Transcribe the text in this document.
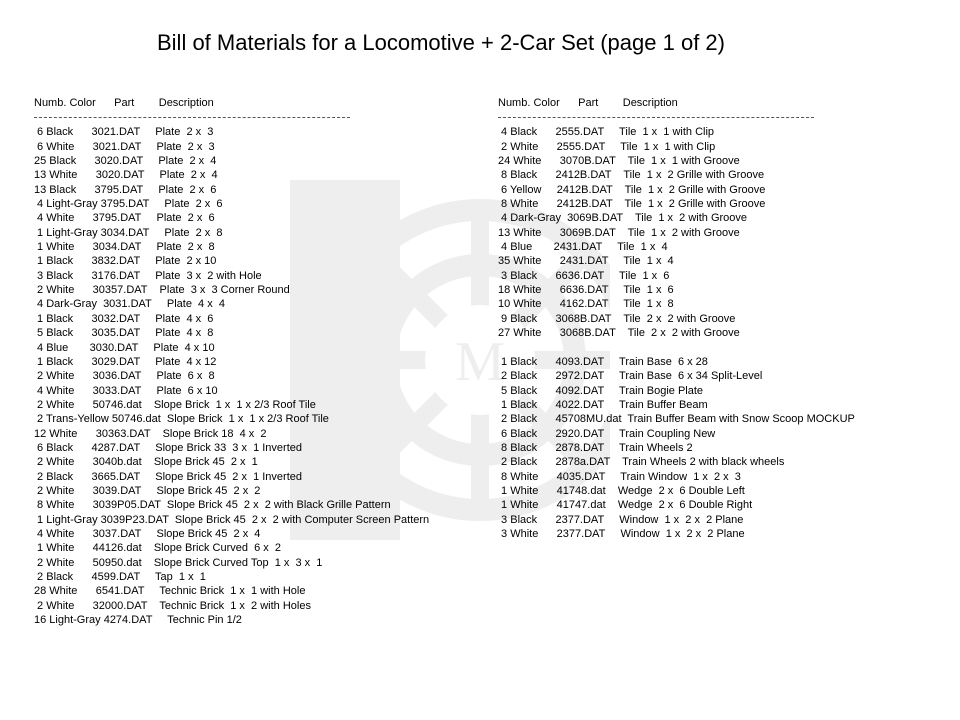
Bill of Materials for a Locomotive + 2-Car Set (page 1 of 2)
M
Numb. Color Part Description
6 Black      3021.DAT     Plate  2 x  3
6 White      3021.DAT     Plate  2 x  3
25 Black      3020.DAT     Plate  2 x  4
13 White      3020.DAT     Plate  2 x  4
13 Black      3795.DAT     Plate  2 x  6
4 Light-Gray 3795.DAT     Plate  2 x  6
4 White      3795.DAT     Plate  2 x  6
1 Light-Gray 3034.DAT     Plate  2 x  8
1 White      3034.DAT     Plate  2 x  8
1 Black      3832.DAT     Plate  2 x 10
3 Black      3176.DAT     Plate  3 x  2 with Hole
2 White      30357.DAT    Plate  3 x  3 Corner Round
4 Dark-Gray  3031.DAT     Plate  4 x  4
1 Black      3032.DAT     Plate  4 x  6
5 Black      3035.DAT     Plate  4 x  8
4 Blue       3030.DAT     Plate  4 x 10
1 Black      3029.DAT     Plate  4 x 12
2 White      3036.DAT     Plate  6 x  8
4 White      3033.DAT     Plate  6 x 10
2 White      50746.dat    Slope Brick  1 x  1 x 2/3 Roof Tile
2 Trans-Yellow 50746.dat  Slope Brick  1 x  1 x 2/3 Roof Tile
12 White      30363.DAT    Slope Brick 18  4 x  2
6 Black      4287.DAT     Slope Brick 33  3 x  1 Inverted
2 White      3040b.dat    Slope Brick 45  2 x  1
2 Black      3665.DAT     Slope Brick 45  2 x  1 Inverted
2 White      3039.DAT     Slope Brick 45  2 x  2
8 White      3039P05.DAT  Slope Brick 45  2 x  2 with Black Grille Pattern
1 Light-Gray 3039P23.DAT  Slope Brick 45  2 x  2 with Computer Screen Pattern
4 White      3037.DAT     Slope Brick 45  2 x  4
1 White      44126.dat    Slope Brick Curved  6 x  2
2 White      50950.dat    Slope Brick Curved Top  1 x  3 x  1
2 Black      4599.DAT     Tap  1 x  1
28 White      6541.DAT     Technic Brick  1 x  1 with Hole
2 White      32000.DAT    Technic Brick  1 x  2 with Holes
16 Light-Gray 4274.DAT     Technic Pin 1/2
Numb. Color Part Description
4 Black      2555.DAT     Tile  1 x  1 with Clip
2 White      2555.DAT     Tile  1 x  1 with Clip
24 White      3070B.DAT    Tile  1 x  1 with Groove
8 Black      2412B.DAT    Tile  1 x  2 Grille with Groove
6 Yellow     2412B.DAT    Tile  1 x  2 Grille with Groove
8 White      2412B.DAT    Tile  1 x  2 Grille with Groove
4 Dark-Gray  3069B.DAT    Tile  1 x  2 with Groove
13 White      3069B.DAT    Tile  1 x  2 with Groove
4 Blue       2431.DAT     Tile  1 x  4
35 White      2431.DAT     Tile  1 x  4
3 Black      6636.DAT     Tile  1 x  6
18 White      6636.DAT     Tile  1 x  6
10 White      4162.DAT     Tile  1 x  8
9 Black      3068B.DAT    Tile  2 x  2 with Groove
27 White      3068B.DAT    Tile  2 x  2 with Groove
1 Black      4093.DAT     Train Base  6 x 28
2 Black      2972.DAT     Train Base  6 x 34 Split-Level
5 Black      4092.DAT     Train Bogie Plate
1 Black      4022.DAT     Train Buffer Beam
2 Black      45708MU.dat  Train Buffer Beam with Snow Scoop MOCKUP
6 Black      2920.DAT     Train Coupling New
8 Black      2878.DAT     Train Wheels 2
2 Black      2878a.DAT    Train Wheels 2 with black wheels
8 White      4035.DAT     Train Window  1 x  2 x  3
1 White      41748.dat    Wedge  2 x  6 Double Left
1 White      41747.dat    Wedge  2 x  6 Double Right
3 Black      2377.DAT     Window  1 x  2 x  2 Plane
3 White      2377.DAT     Window  1 x  2 x  2 Plane
